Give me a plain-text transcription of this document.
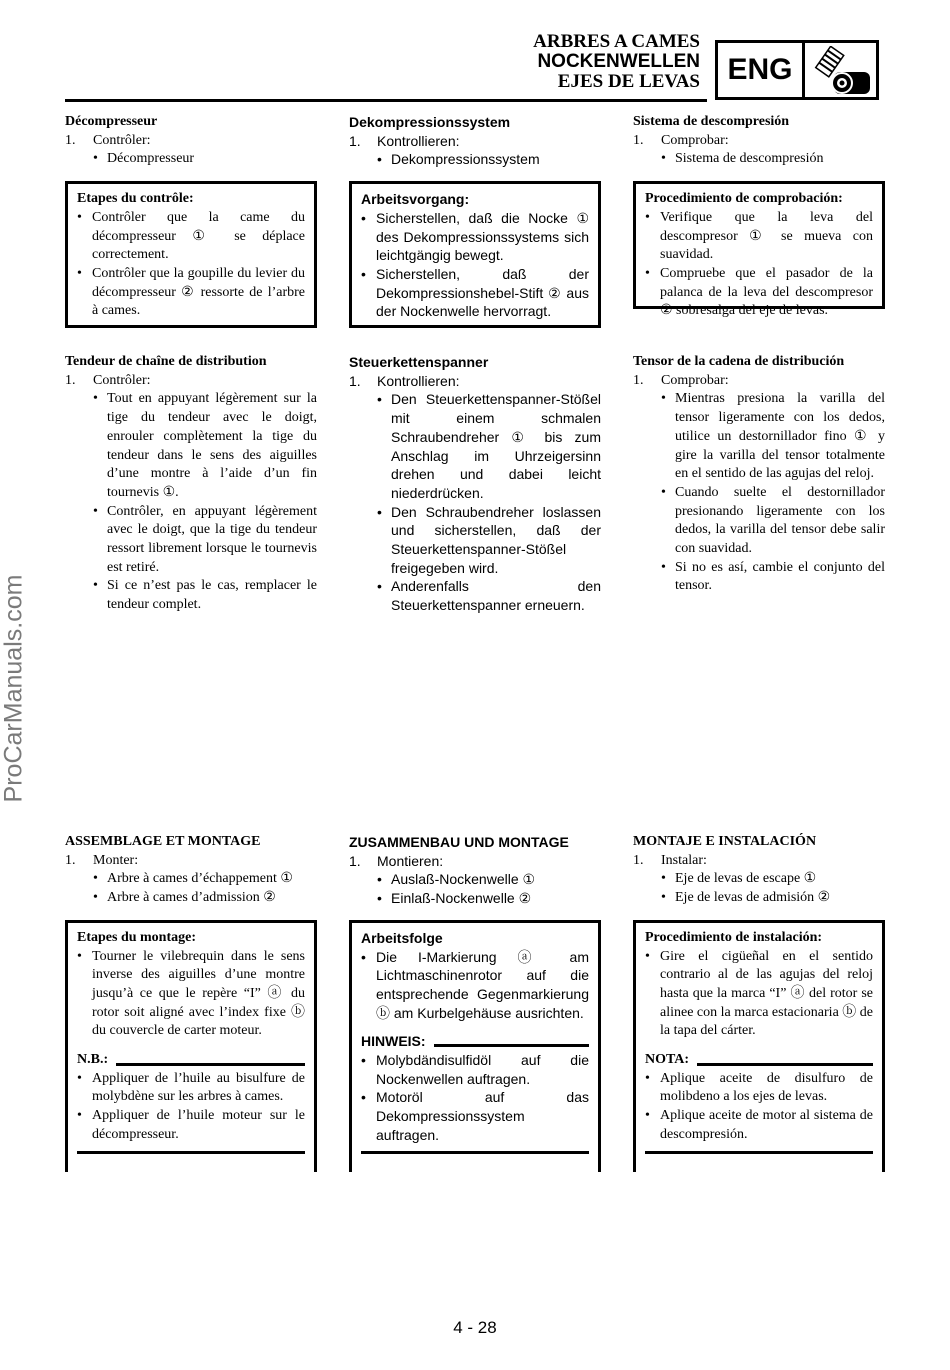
ARBRES A CAMES
NOCKENWELLEN
EJES DE LEVAS ENG

Décompresseur

1.	Contrôler:
• Décompresseur

Etapes du contrôle:

• Contrôler que la came du décompresseur ① se déplace correctement.
• Contrôler que la goupille du levier du décompresseur ② ressorte de l’arbre à cames.

Dekompressionssystem

1.	Kontrollieren:
• Dekompressionssystem

Arbeitsvorgang:

• Sicherstellen, daß die Nocke ① des Dekompressionssystems sich leichtgängig bewegt.
• Sicherstellen, daß der Dekompressionshebel-Stift ② aus der Nockenwelle hervorragt.

Sistema de descompresión

1.	Comprobar:
• Sistema de descompresión

Procedimiento de comprobación:

• Verifique que la leva del descompresor ① se mueva con suavidad.
• Compruebe que el pasador de la palanca de la leva del descompresor ② sobresalga del eje de levas.

Tendeur de chaîne de distribution

1.	Contrôler:
• Tout en appuyant légèrement sur la tige du tendeur avec le doigt, enrouler complètement la tige du tendeur dans le sens des aiguilles d’une montre à l’aide d’un fin tournevis ①.
• Contrôler, en appuyant légèrement avec le doigt, que la tige du tendeur ressort librement lorsque le tournevis est retiré.
• Si ce n’est pas le cas, remplacer le tendeur complet.

Steuerkettenspanner

1.	Kontrollieren:
• Den Steuerkettenspanner-Stößel mit einem schmalen Schraubendreher ① bis zum Anschlag im Uhrzeigersinn drehen und dabei leicht niederdrücken.
• Den Schraubendreher loslassen und sicherstellen, daß der Steuerkettenspanner-Stößel freigegeben wird.
• Anderenfalls den Steuerkettenspanner erneuern.

Tensor de la cadena de distribución

1.	Comprobar:
• Mientras presiona la varilla del tensor ligeramente con los dedos, utilice un destornillador fino ① y gire la varilla del tensor totalmente en el sentido de las agujas del reloj.
• Cuando suelte el destornillador presionando ligeramente con los dedos, la varilla del tensor debe salir con suavidad.
• Si no es así, cambie el conjunto del tensor.

ASSEMBLAGE ET MONTAGE

1.	Monter:
• Arbre à cames d’échappement ①
• Arbre à cames d’admission ②

Etapes du montage:

• Tourner le vilebrequin dans le sens inverse des aiguilles d’une montre jusqu’à ce que le repère “I” ⓐ du rotor soit aligné avec l’index fixe ⓑ du couvercle de carter moteur.
N.B.:
• Appliquer de l’huile au bisulfure de molybdène sur les arbres à cames.
• Appliquer de l’huile moteur sur le décompresseur.

ZUSAMMENBAU UND MONTAGE

1.	Montieren:
• Auslaß-Nockenwelle ①
• Einlaß-Nockenwelle ②

Arbeitsfolge

• Die I-Markierung ⓐ am Lichtmaschinenrotor auf die entsprechende Gegenmarkierung ⓑ am Kurbelgehäuse ausrichten.
HINWEIS:
• Molybdändisulfidöl auf die Nockenwellen auftragen.
• Motoröl auf das Dekompressionssystem auftragen.

MONTAJE E INSTALACIÓN

1.	Instalar:
• Eje de levas de escape ①
• Eje de levas de admisión ②

Procedimiento de instalación:

• Gire el cigüeñal en el sentido contrario al de las agujas del reloj hasta que la marca “I” ⓐ del rotor se alinee con la marca estacionaria ⓑ de la tapa del cárter.
NOTA:
• Aplique aceite de disulfuro de molibdeno a los ejes de levas.
• Aplique aceite de motor al sistema de descompresión.
ProCarManuals.com
4 - 28
